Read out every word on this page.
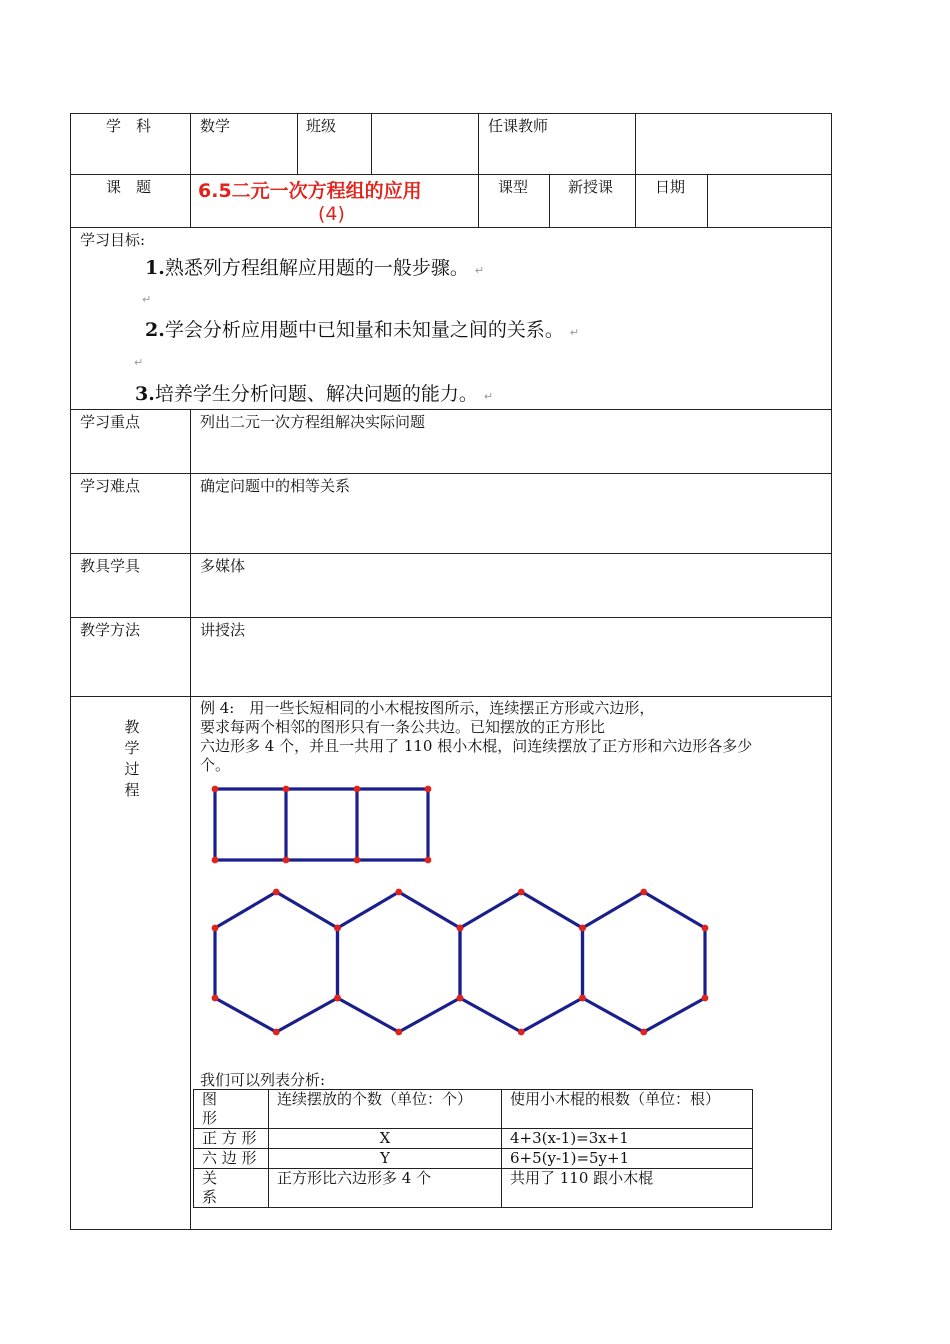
学　科	数学	班级	任课教师
课　题 6.5二元一次方程组的应用
(4)
课型	新授课	日期
学习目标:
1.熟悉列方程组解应用题的一般步骤。 ↵
↵
2.学会分析应用题中已知量和未知量之间的关系。 ↵
↵
3.培养学生分析问题、解决问题的能力。 ↵
学习重点	列出二元一次方程组解决实际问题
学习难点	确定问题中的相等关系
教具学具	多媒体
教学方法	讲授法
教
学
过
程
例 4:　用一些长短相同的小木棍按图所示，连续摆正方形或六边形，
要求每两个相邻的图形只有一条公共边。已知摆放的正方形比
六边形多 4 个，并且一共用了 110 根小木棍，问连续摆放了正方形和六边形各多少
个。
我们可以列表分析:
图　　形	连续摆放的个数（单位：个）	使用小木棍的根数（单位：根）
正 方 形	X	4+3(x-1)=3x+1
六 边 形	Y	6+5(y-1)=5y+1
关　　系	正方形比六边形多 4 个	共用了 110 跟小木棍
